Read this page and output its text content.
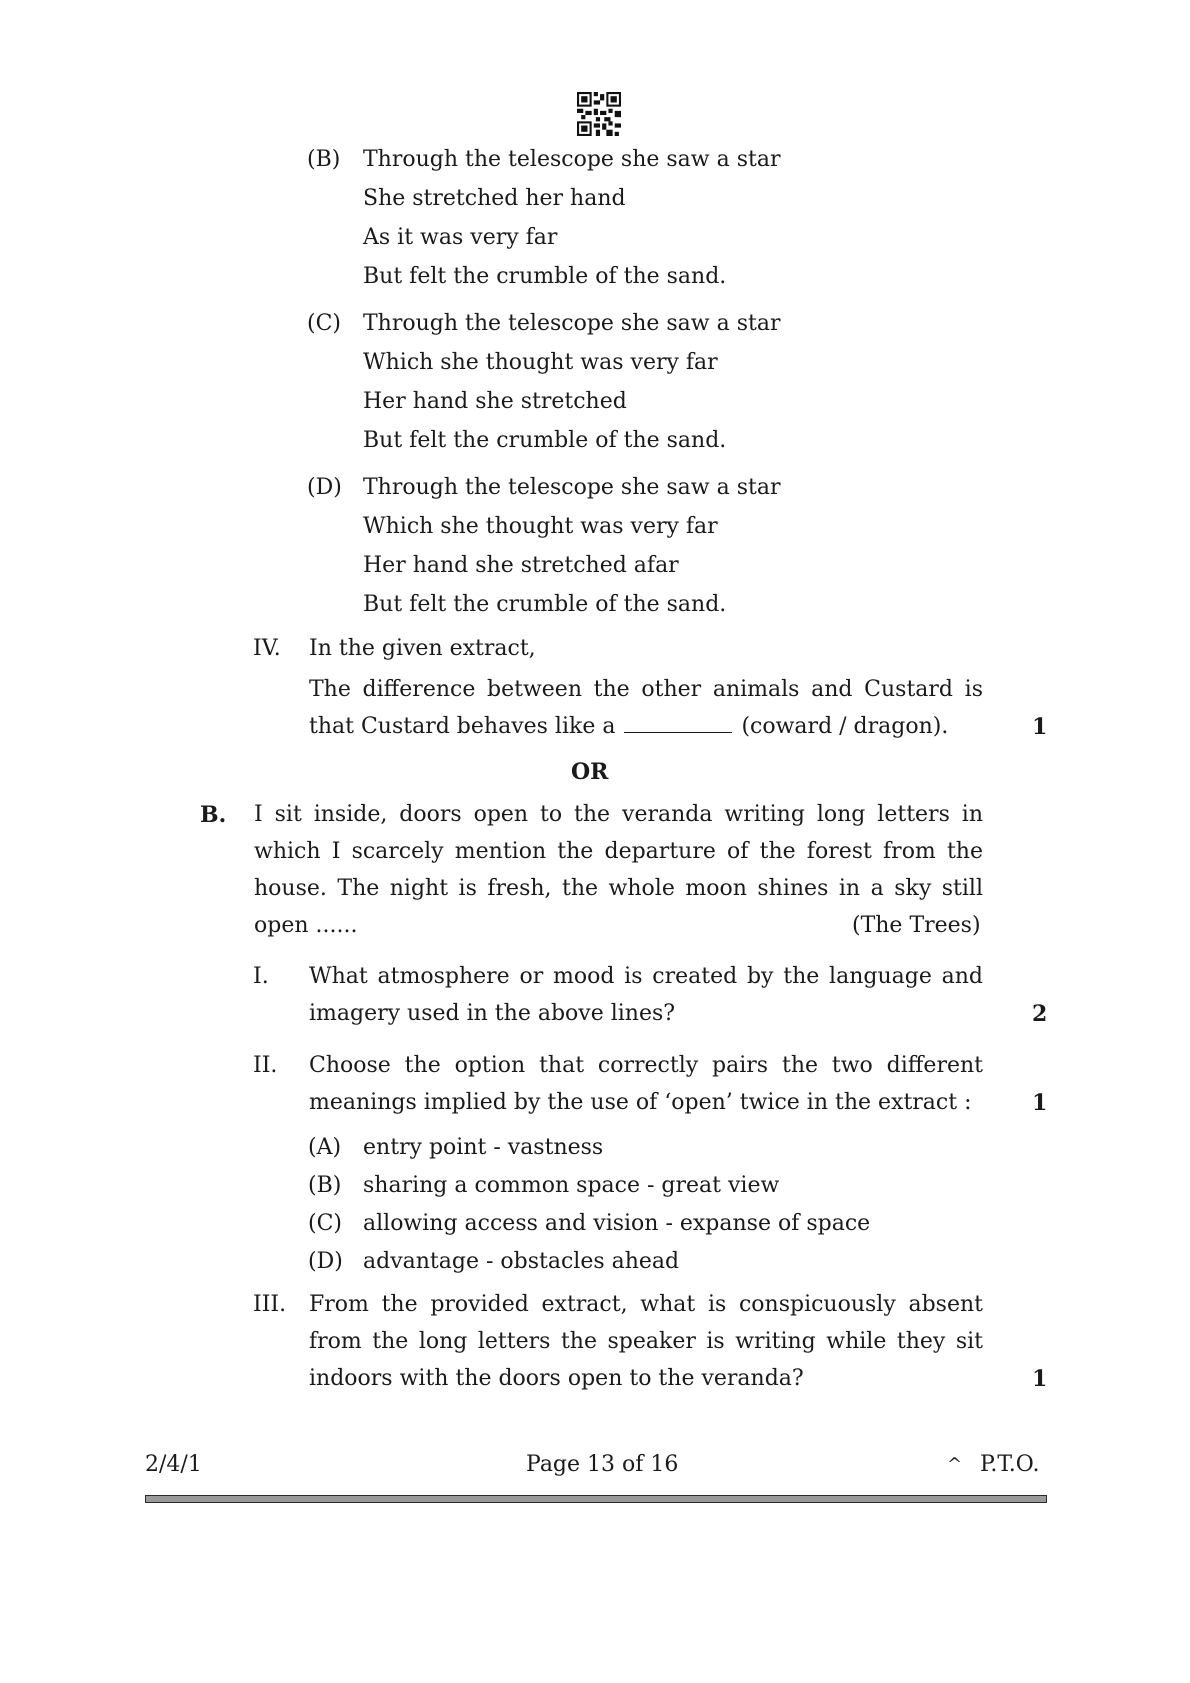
(B) Through the telescope she saw a star
She stretched her hand
As it was very far
But felt the crumble of the sand.
(C) Through the telescope she saw a star
Which she thought was very far
Her hand she stretched
But felt the crumble of the sand.
(D) Through the telescope she saw a star
Which she thought was very far
Her hand she stretched afar
But felt the crumble of the sand.
IV. In the given extract,
The difference between the other animals and Custard is
that Custard behaves like a	(coward / dragon).	1
OR
B. I sit inside, doors open to the veranda writing long letters in
which I scarcely mention the departure of the forest from the
house. The night is fresh, the whole moon shines in a sky still
open ......	(The Trees)
I. What atmosphere or mood is created by the language and
imagery used in the above lines?	2
II. Choose the option that correctly pairs the two different
meanings implied by the use of ‘open’ twice in the extract :	1
(A) entry point - vastness
(B) sharing a common space - great view
(C) allowing access and vision - expanse of space
(D) advantage - obstacles ahead
III. From the provided extract, what is conspicuously absent
from the long letters the speaker is writing while they sit
indoors with the doors open to the veranda?	1
2/4/1	Page 13 of 16	^ P.T.O.
